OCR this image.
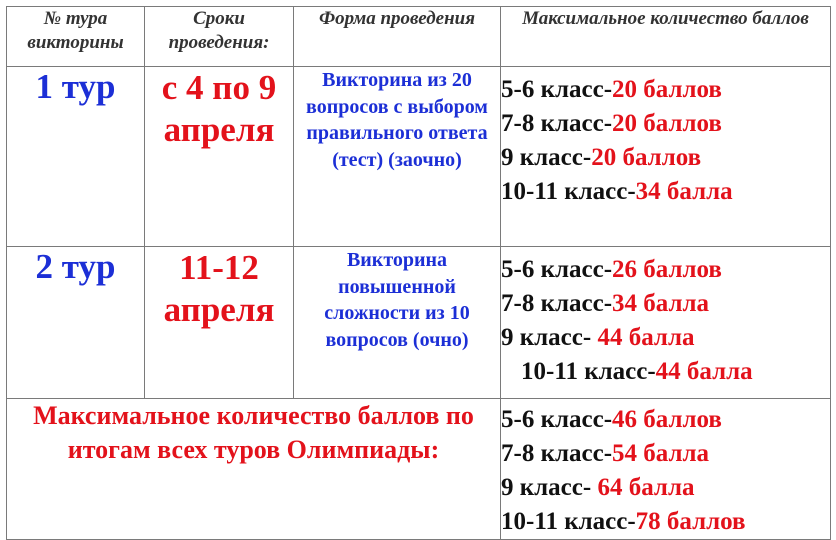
№ тура викторины	Сроки проведения:	Форма проведения	Максимальное количество баллов
1 тур	с 4 по 9 апреля	Викторина из 20 вопросов с выбором правильного ответа (тест) (заочно)	5-6 класс-20 баллов
7-8 класс-20 баллов
9 класс-20 баллов
10-11 класс-34 балла

2 тур	11-12 апреля	Викторина повышенной сложности из 10 вопросов (очно)	5-6 класс-26 баллов
7-8 класс-34 балла
9 класс- 44 балла
10-11 класс-44 балла

Максимальное количество баллов по итогам всех туров Олимпиады:			5-6 класс-46 баллов
7-8 класс-54 балла
9 класс- 64 балла
10-11 класс-78 баллов
